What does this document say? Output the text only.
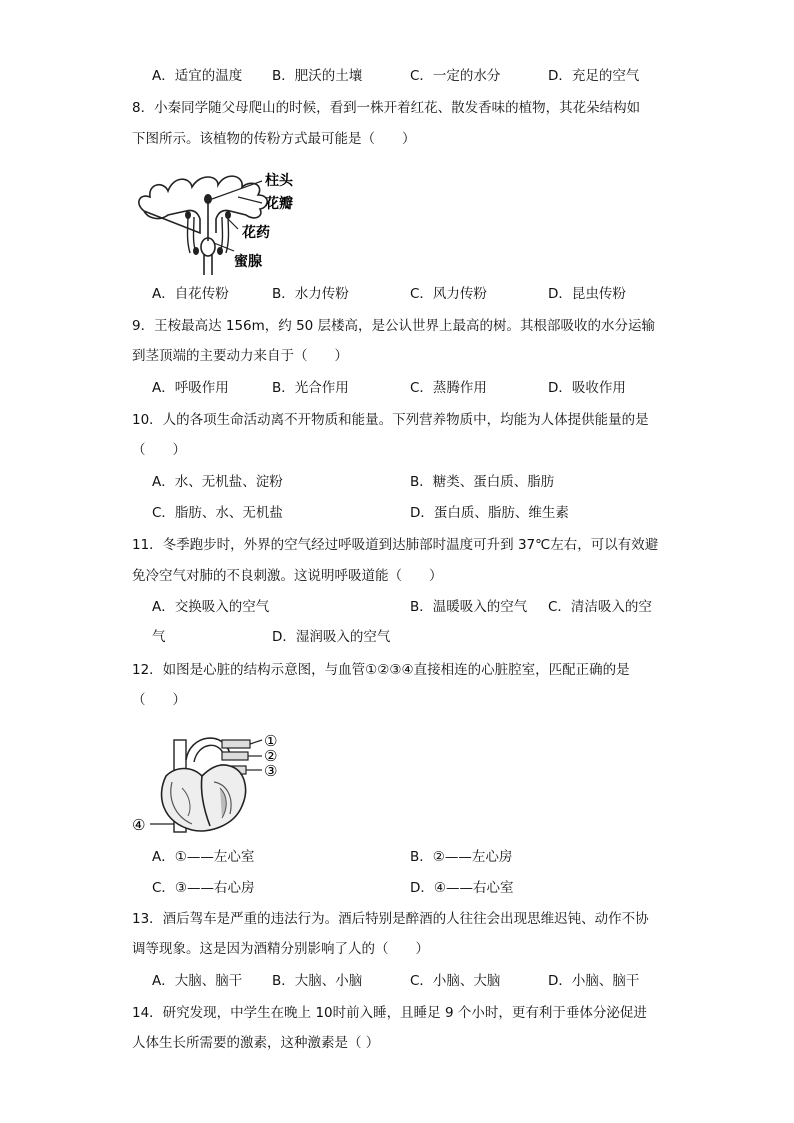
A．适宜的温度 B．肥沃的土壤	C．一定的水分	D．充足的空气
8．小秦同学随父母爬山的时候，看到一株开着红花、散发香味的植物，其花朵结构如
下图所示。该植物的传粉方式最可能是（　　）
柱头
花瓣
花药
蜜腺
A．自花传粉	B．水力传粉	C．风力传粉	D．昆虫传粉
9．王桉最高达 156m，约 50 层楼高，是公认世界上最高的树。其根部吸收的水分运输
到茎顶端的主要动力来自于（　　）
A．呼吸作用	B．光合作用	C．蒸腾作用	D．吸收作用
10．人的各项生命活动离不开物质和能量。下列营养物质中，均能为人体提供能量的是
（　　）
A．水、无机盐、淀粉	B．糖类、蛋白质、脂肪
C．脂肪、水、无机盐	D．蛋白质、脂肪、维生素
11．冬季跑步时，外界的空气经过呼吸道到达肺部时温度可升到 37℃左右，可以有效避
免冷空气对肺的不良刺激。这说明呼吸道能（　　）
A．交换吸入的空气	B．温暖吸入的空气 C．清洁吸入的空
气	D．湿润吸入的空气
12．如图是心脏的结构示意图，与血管①②③④直接相连的心脏腔室，匹配正确的是
（　　）
①
②
③
④
A．①——左心室	B．②——左心房
C．③——右心房	D．④——右心室
13．酒后驾车是严重的违法行为。酒后特别是醉酒的人往往会出现思维迟钝、动作不协
调等现象。这是因为酒精分别影响了人的（　　）
A．大脑、脑干 B．大脑、小脑	C．小脑、大脑	D．小脑、脑干
14．研究发现，中学生在晚上 10时前入睡，且睡足 9 个小时，更有利于垂体分泌促进
人体生长所需要的激素，这种激素是（ ）
